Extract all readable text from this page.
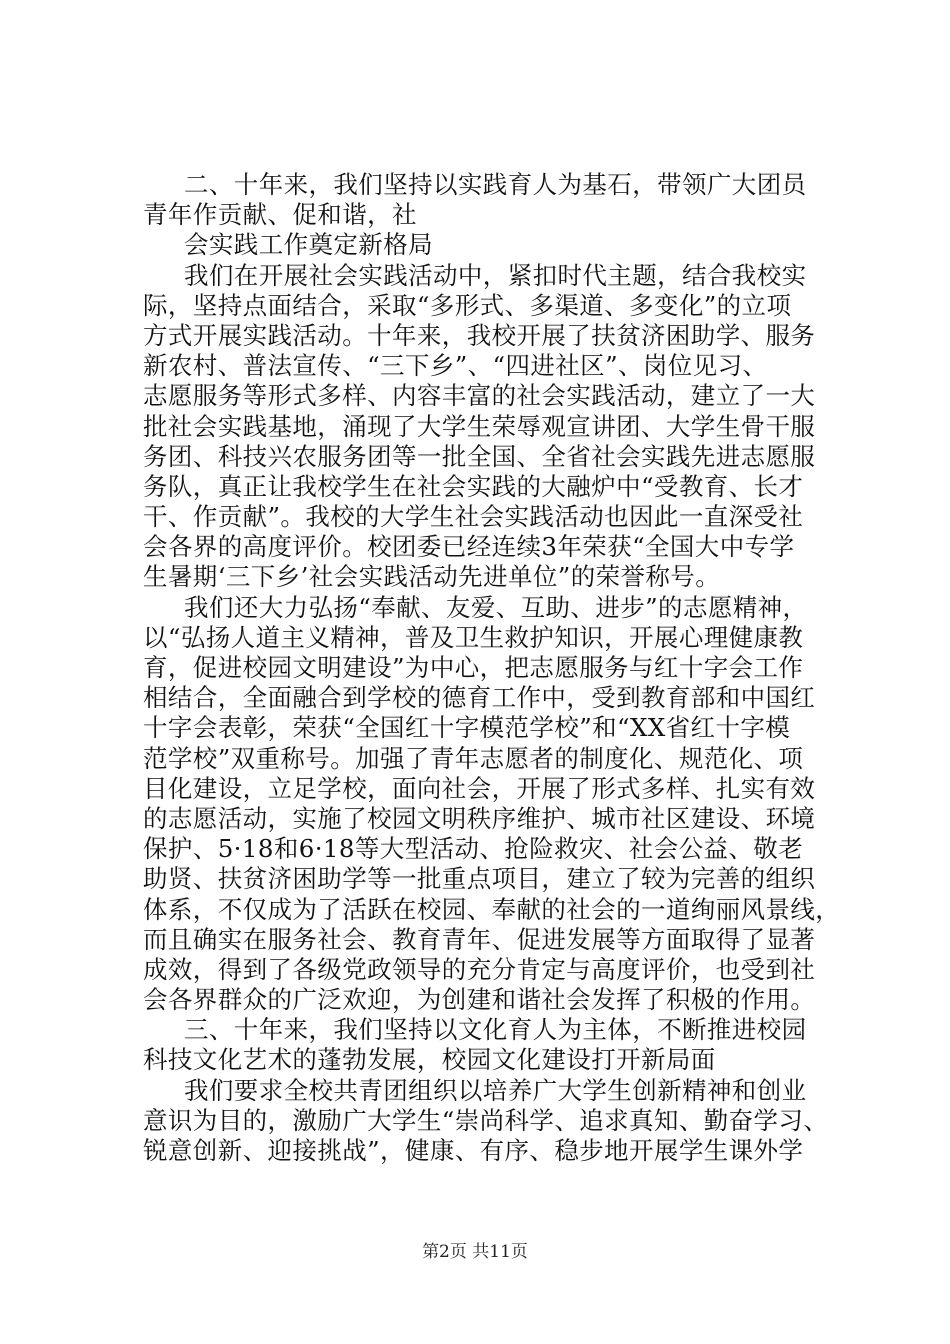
二、十年来，我们坚持以实践育人为基石，带领广大团员
青年作贡献、促和谐，社
会实践工作奠定新格局
我们在开展社会实践活动中，紧扣时代主题，结合我校实
际，坚持点面结合，采取“多形式、多渠道、多变化”的立项
方式开展实践活动。十年来，我校开展了扶贫济困助学、服务
新农村、普法宣传、“三下乡”、“四进社区”、岗位见习、
志愿服务等形式多样、内容丰富的社会实践活动，建立了一大
批社会实践基地，涌现了大学生荣辱观宣讲团、大学生骨干服
务团、科技兴农服务团等一批全国、全省社会实践先进志愿服
务队，真正让我校学生在社会实践的大融炉中“受教育、长才
干、作贡献”。我校的大学生社会实践活动也因此一直深受社
会各界的高度评价。校团委已经连续3年荣获“全国大中专学
生暑期‘三下乡’社会实践活动先进单位”的荣誉称号。
我们还大力弘扬“奉献、友爱、互助、进步”的志愿精神，
以“弘扬人道主义精神，普及卫生救护知识，开展心理健康教
育，促进校园文明建设”为中心，把志愿服务与红十字会工作
相结合，全面融合到学校的德育工作中，受到教育部和中国红
十字会表彰，荣获“全国红十字模范学校”和“XX省红十字模
范学校”双重称号。加强了青年志愿者的制度化、规范化、项
目化建设，立足学校，面向社会，开展了形式多样、扎实有效
的志愿活动，实施了校园文明秩序维护、城市社区建设、环境
保护、5·18和6·18等大型活动、抢险救灾、社会公益、敬老
助贤、扶贫济困助学等一批重点项目，建立了较为完善的组织
体系，不仅成为了活跃在校园、奉献的社会的一道绚丽风景线，
而且确实在服务社会、教育青年、促进发展等方面取得了显著
成效，得到了各级党政领导的充分肯定与高度评价，也受到社
会各界群众的广泛欢迎，为创建和谐社会发挥了积极的作用。
三、十年来，我们坚持以文化育人为主体，不断推进校园
科技文化艺术的蓬勃发展，校园文化建设打开新局面
我们要求全校共青团组织以培养广大学生创新精神和创业
意识为目的，激励广大学生“崇尚科学、追求真知、勤奋学习、
锐意创新、迎接挑战”，健康、有序、稳步地开展学生课外学
第2页 共11页
